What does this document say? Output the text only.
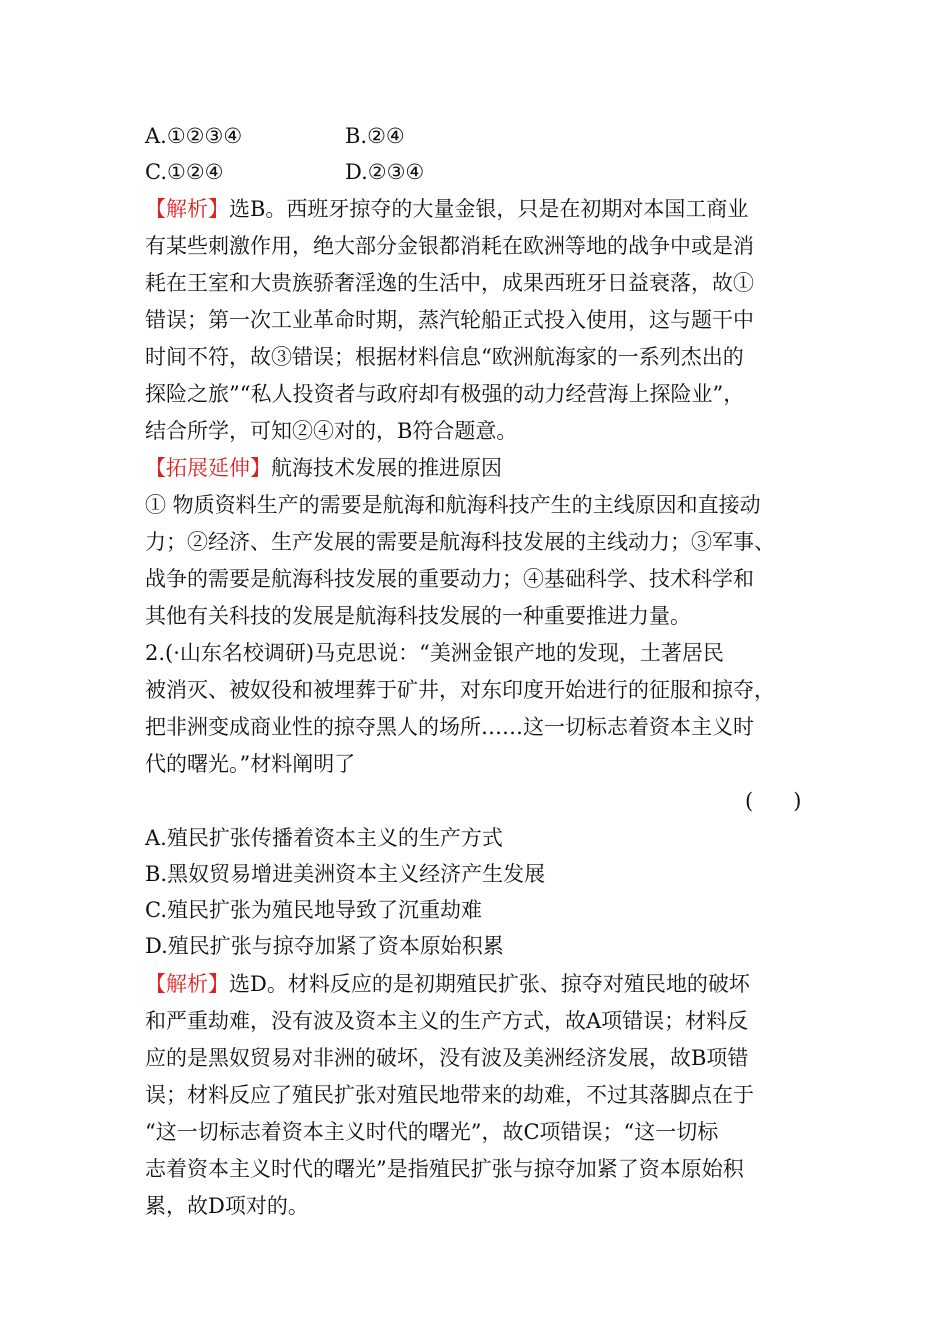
A.①②③④	B.②④
C.①②④	D.②③④
【解析】选B。西班牙掠夺的大量金银，只是在初期对本国工商业
有某些刺激作用，绝大部分金银都消耗在欧洲等地的战争中或是消
耗在王室和大贵族骄奢淫逸的生活中，成果西班牙日益衰落，故①
错误；第一次工业革命时期，蒸汽轮船正式投入使用，这与题干中
时间不符，故③错误；根据材料信息“欧洲航海家的一系列杰出的
探险之旅”“私人投资者与政府却有极强的动力经营海上探险业”，
结合所学，可知②④对的，B符合题意。
【拓展延伸】航海技术发展的推进原因
① 物质资料生产的需要是航海和航海科技产生的主线原因和直接动
力；②经济、生产发展的需要是航海科技发展的主线动力；③军事、
战争的需要是航海科技发展的重要动力；④基础科学、技术科学和
其他有关科技的发展是航海科技发展的一种重要推进力量。
2.(·山东名校调研)马克思说：“美洲金银产地的发现，土著居民
被消灭、被奴役和被埋葬于矿井，对东印度开始进行的征服和掠夺，
把非洲变成商业性的掠夺黑人的场所……这一切标志着资本主义时
代的曙光。”材料阐明了
(      )
A.殖民扩张传播着资本主义的生产方式
B.黑奴贸易增进美洲资本主义经济产生发展
C.殖民扩张为殖民地导致了沉重劫难
D.殖民扩张与掠夺加紧了资本原始积累
【解析】选D。材料反应的是初期殖民扩张、掠夺对殖民地的破坏
和严重劫难，没有波及资本主义的生产方式，故A项错误；材料反
应的是黑奴贸易对非洲的破坏，没有波及美洲经济发展，故B项错
误；材料反应了殖民扩张对殖民地带来的劫难，不过其落脚点在于
“这一切标志着资本主义时代的曙光”，故C项错误；“这一切标
志着资本主义时代的曙光”是指殖民扩张与掠夺加紧了资本原始积
累，故D项对的。
